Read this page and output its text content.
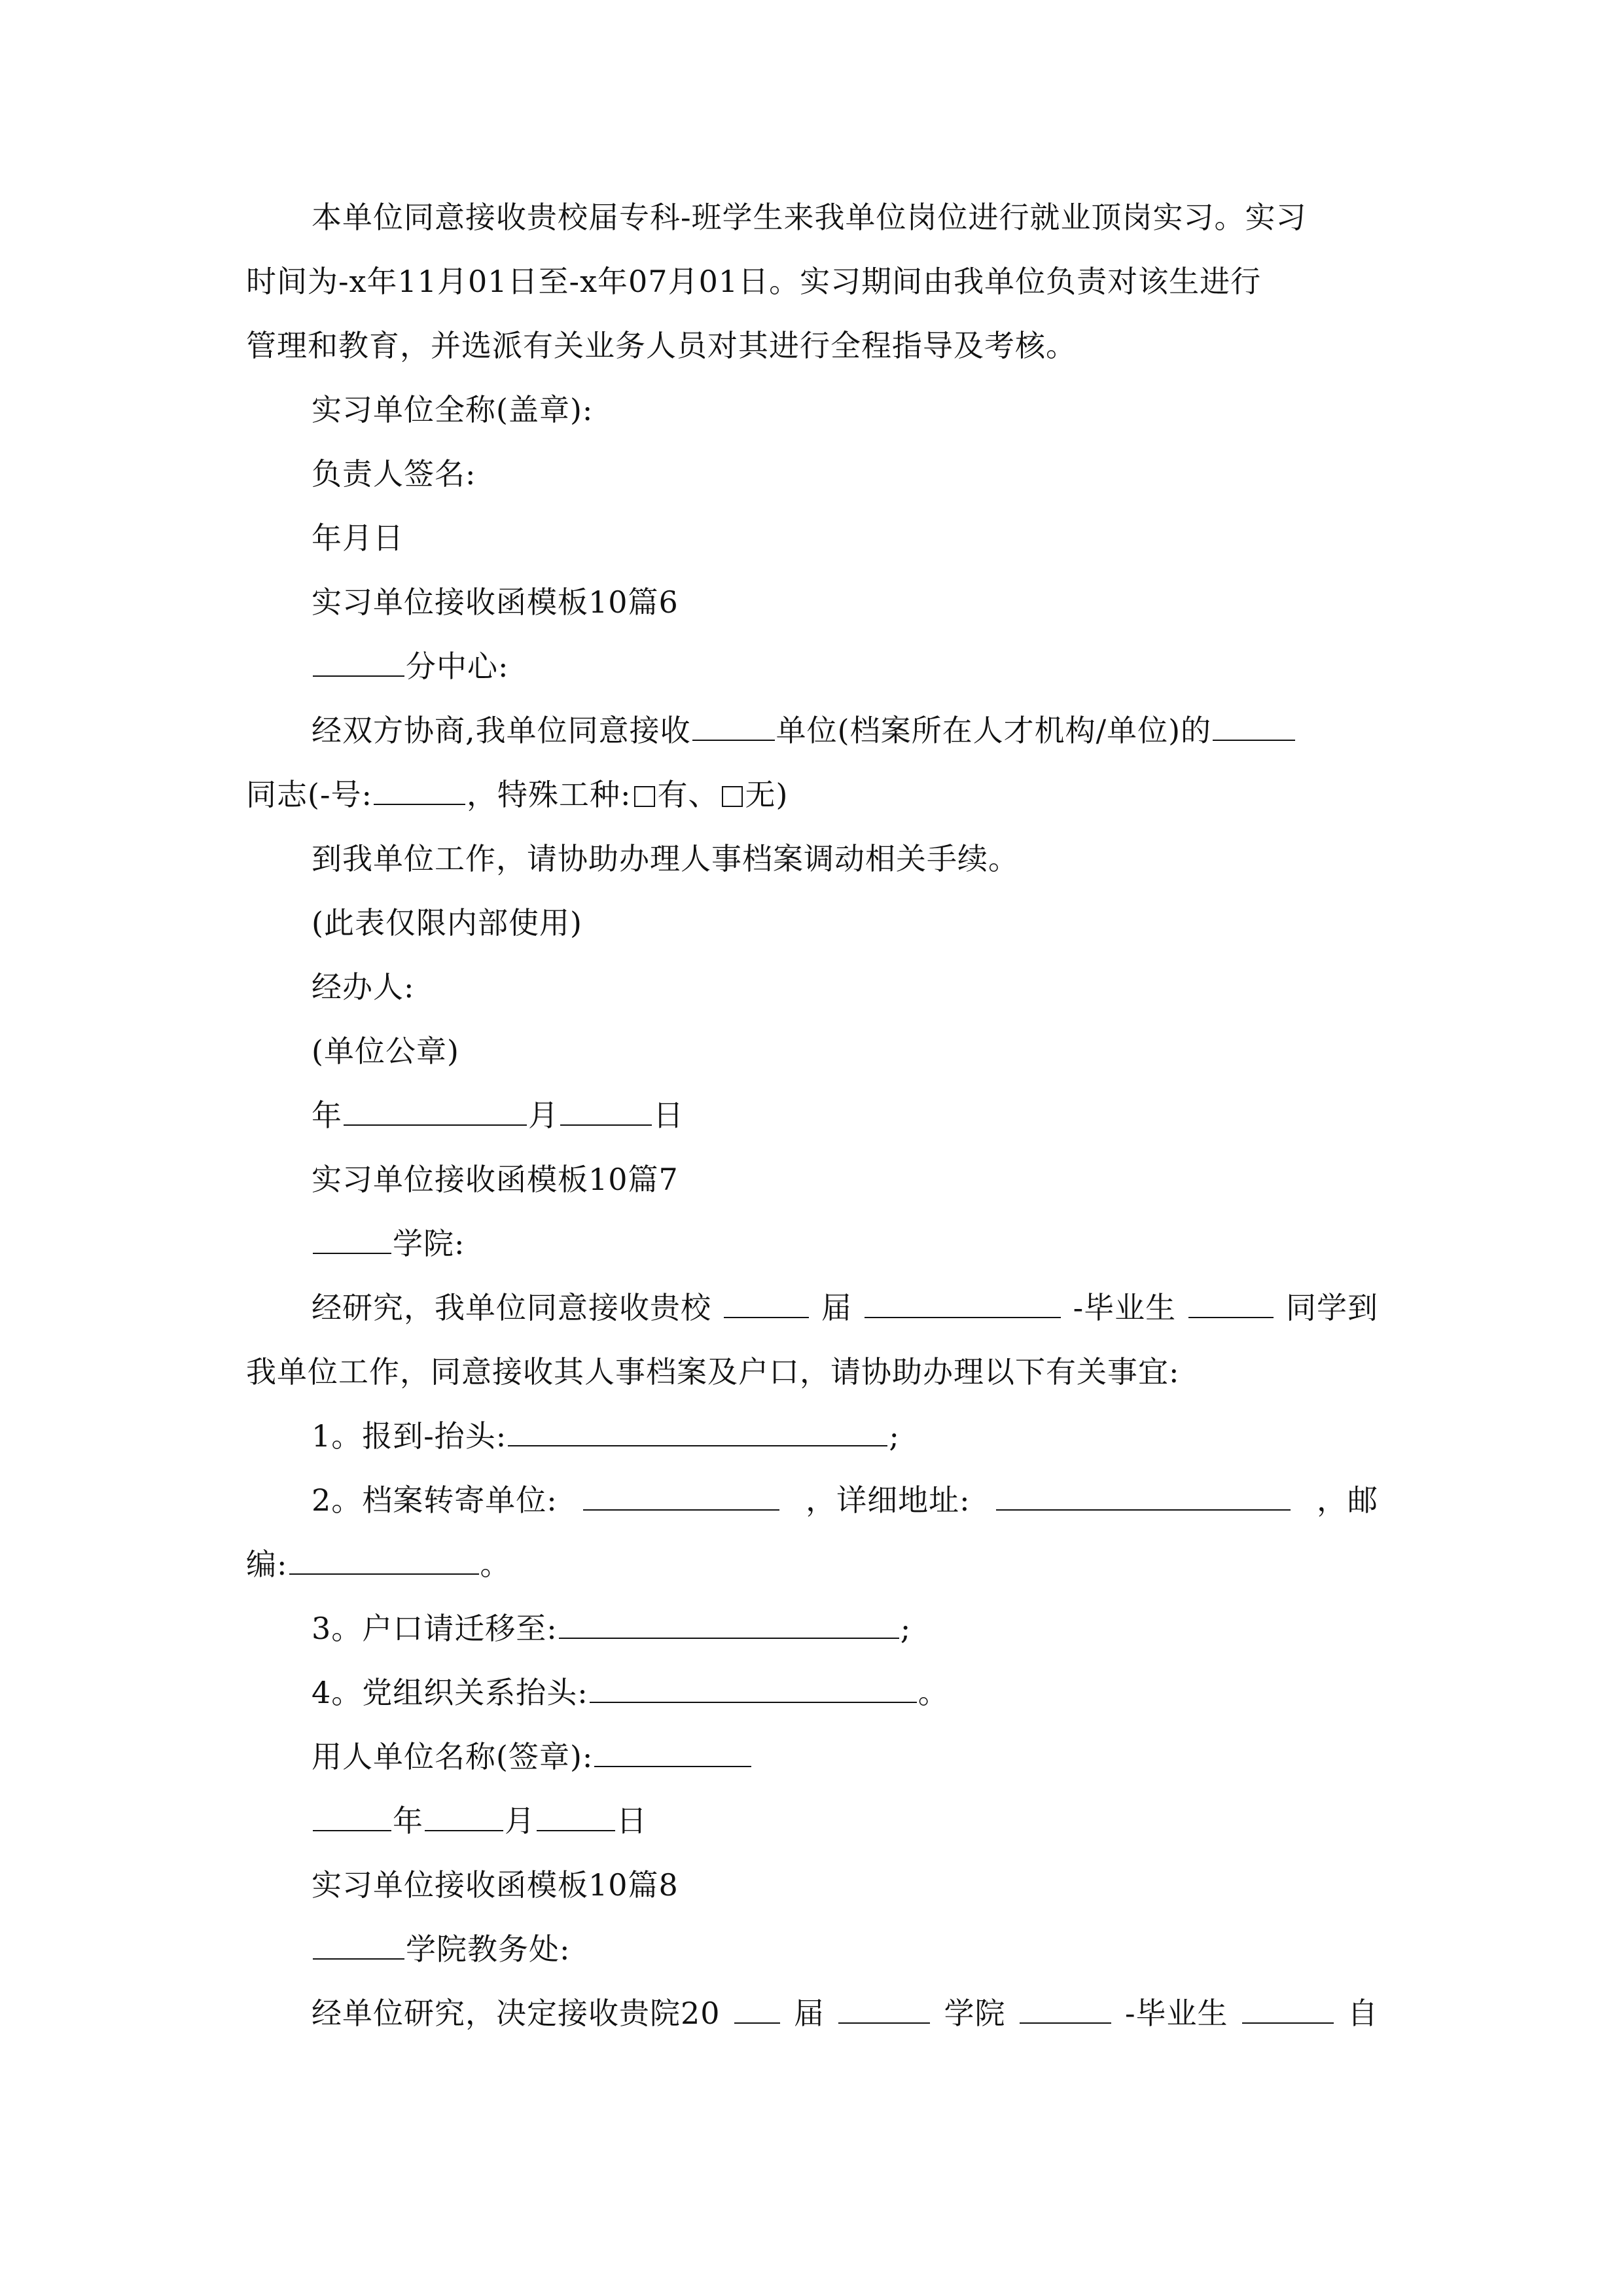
本单位同意接收贵校届专科-班学生来我单位岗位进行就业顶岗实习。实习
时间为-x年11月01日至-x年07月01日。实习期间由我单位负责对该生进行
管理和教育，并选派有关业务人员对其进行全程指导及考核。
实习单位全称(盖章):
负责人签名:
年月日
实习单位接收函模板10篇6
分中心:
经双方协商,我单位同意接收	单位(档案所在人才机构/单位)的
同志(-号:	，特殊工种: 有、 无)
到我单位工作，请协助办理人事档案调动相关手续。
(此表仅限内部使用)
经办人:
(单位公章)
年	月	日
实习单位接收函模板10篇7
学院:
经研究，我单位同意接收贵校	届	-毕业生	同学到
我单位工作，同意接收其人事档案及户口，请协助办理以下有关事宜:
1。报到-抬头:	;
2。档案转寄单位:	，详细地址:	，邮
编:	。
3。户口请迁移至:	;
4。党组织关系抬头:	。
用人单位名称(签章):
年	月	日
实习单位接收函模板10篇8
学院教务处:
经单位研究，决定接收贵院20 届	学院	-毕业生	自
